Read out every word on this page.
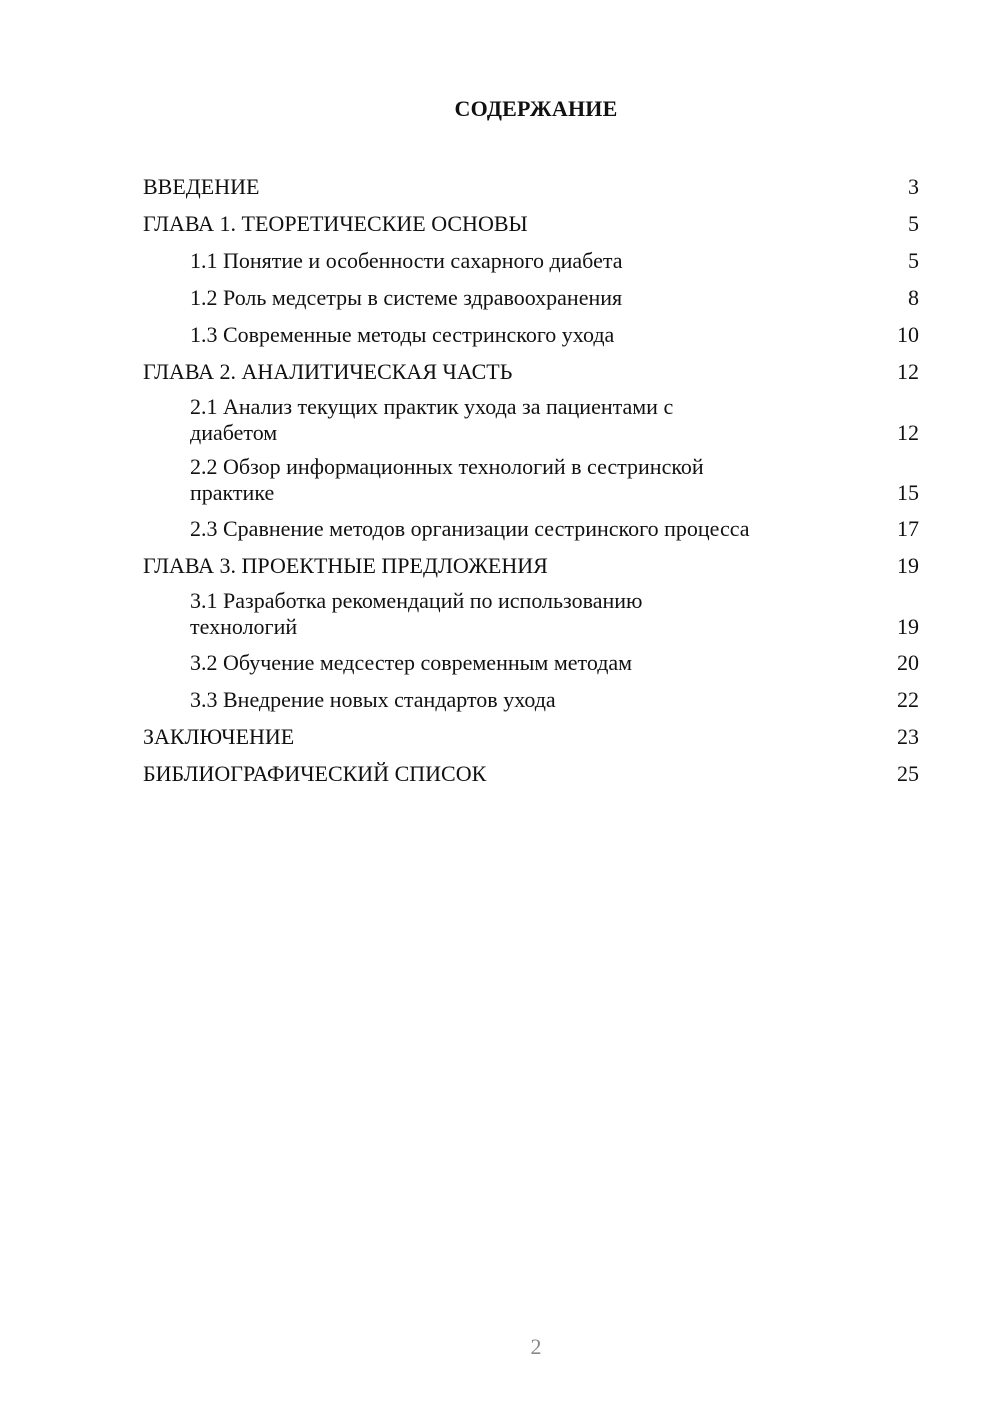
СОДЕРЖАНИЕ
ВВЕДЕНИЕ	3
ГЛАВА 1. ТЕОРЕТИЧЕСКИЕ ОСНОВЫ	5
1.1 Понятие и особенности сахарного диабета	5
1.2 Роль медсетры в системе здравоохранения	8
1.3 Современные методы сестринского ухода	10
ГЛАВА 2. АНАЛИТИЧЕСКАЯ ЧАСТЬ	12
2.1 Анализ текущих практик ухода за пациентами с диабетом	12
2.2 Обзор информационных технологий в сестринской практике	15
2.3 Сравнение методов организации сестринского процесса	17
ГЛАВА 3. ПРОЕКТНЫЕ ПРЕДЛОЖЕНИЯ	19
3.1 Разработка рекомендаций по использованию технологий	19
3.2 Обучение медсестер современным методам	20
3.3 Внедрение новых стандартов ухода	22
ЗАКЛЮЧЕНИЕ	23
БИБЛИОГРАФИЧЕСКИЙ СПИСОК	25
2
